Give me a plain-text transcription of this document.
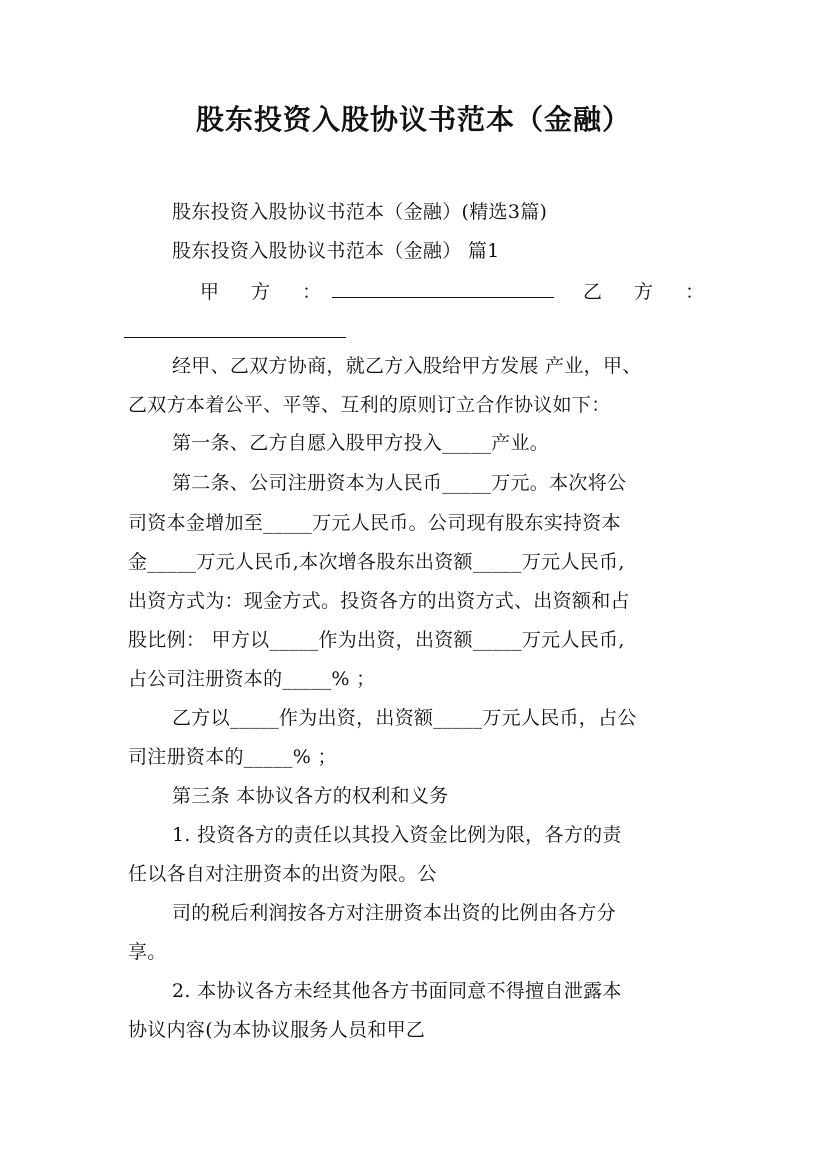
股东投资入股协议书范本（金融）
股东投资入股协议书范本（金融）(精选3篇)
股东投资入股协议书范本（金融） 篇1
甲 方 ：	乙 方 ：
经甲、乙双方协商，就乙方入股给甲方发展 产业，甲、
乙双方本着公平、平等、互利的原则订立合作协议如下：
第一条、乙方自愿入股甲方投入_____产业。
第二条、公司注册资本为人民币_____万元。本次将公
司资本金增加至_____万元人民币。公司现有股东实持资本
金_____万元人民币,本次增各股东出资额_____万元人民币,
出资方式为：现金方式。投资各方的出资方式、出资额和占
股比例： 甲方以_____作为出资，出资额_____万元人民币,
占公司注册资本的_____% ；
乙方以_____作为出资，出资额_____万元人民币，占公
司注册资本的_____% ；
第三条 本协议各方的权利和义务
1. 投资各方的责任以其投入资金比例为限，各方的责
任以各自对注册资本的出资为限。公
司的税后利润按各方对注册资本出资的比例由各方分
享。
2. 本协议各方未经其他各方书面同意不得擅自泄露本
协议内容(为本协议服务人员和甲乙
